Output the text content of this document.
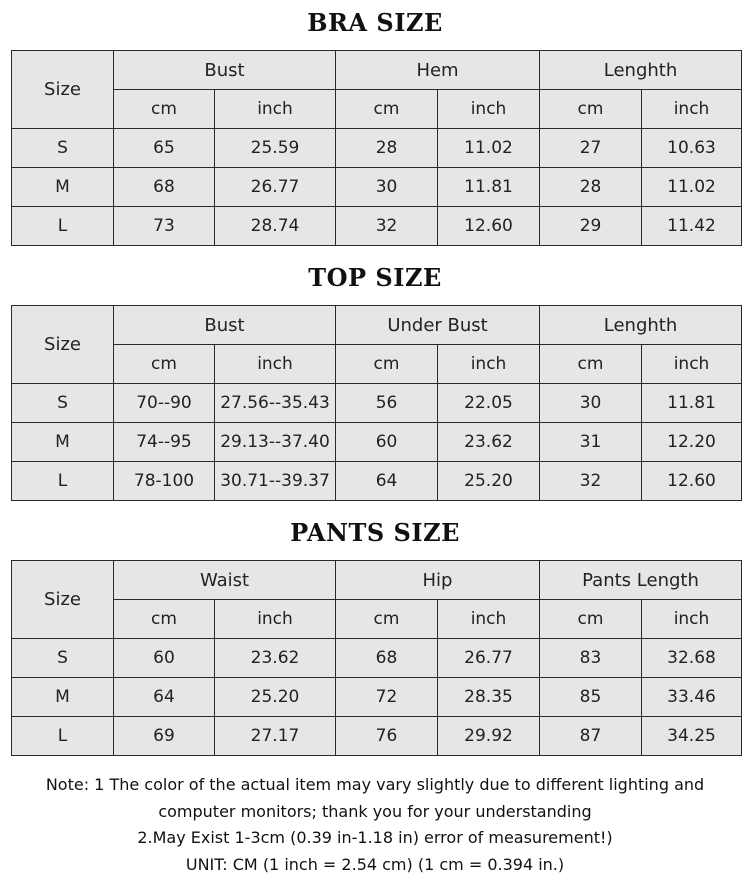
BRA SIZE
Size	Bust		Hem		Lenghth	
	cm	inch	cm	inch	cm	inch
S	65	25.59	28	11.02	27	10.63
M	68	26.77	30	11.81	28	11.02
L	73	28.74	32	12.60	29	11.42
TOP SIZE
Size	Bust		Under Bust		Lenghth	
	cm	inch	cm	inch	cm	inch
S	70--90	27.56--35.43	56	22.05	30	11.81
M	74--95	29.13--37.40	60	23.62	31	12.20
L	78-100	30.71--39.37	64	25.20	32	12.60
PANTS SIZE
Size	Waist		Hip		Pants Length	
	cm	inch	cm	inch	cm	inch
S	60	23.62	68	26.77	83	32.68
M	64	25.20	72	28.35	85	33.46
L	69	27.17	76	29.92	87	34.25
Note: 1 The color of the actual item may vary slightly due to different lighting and
computer monitors; thank you for your understanding
2.May Exist 1-3cm (0.39 in-1.18 in) error of measurement!)
UNIT: CM (1 inch = 2.54 cm) (1 cm = 0.394 in.)
